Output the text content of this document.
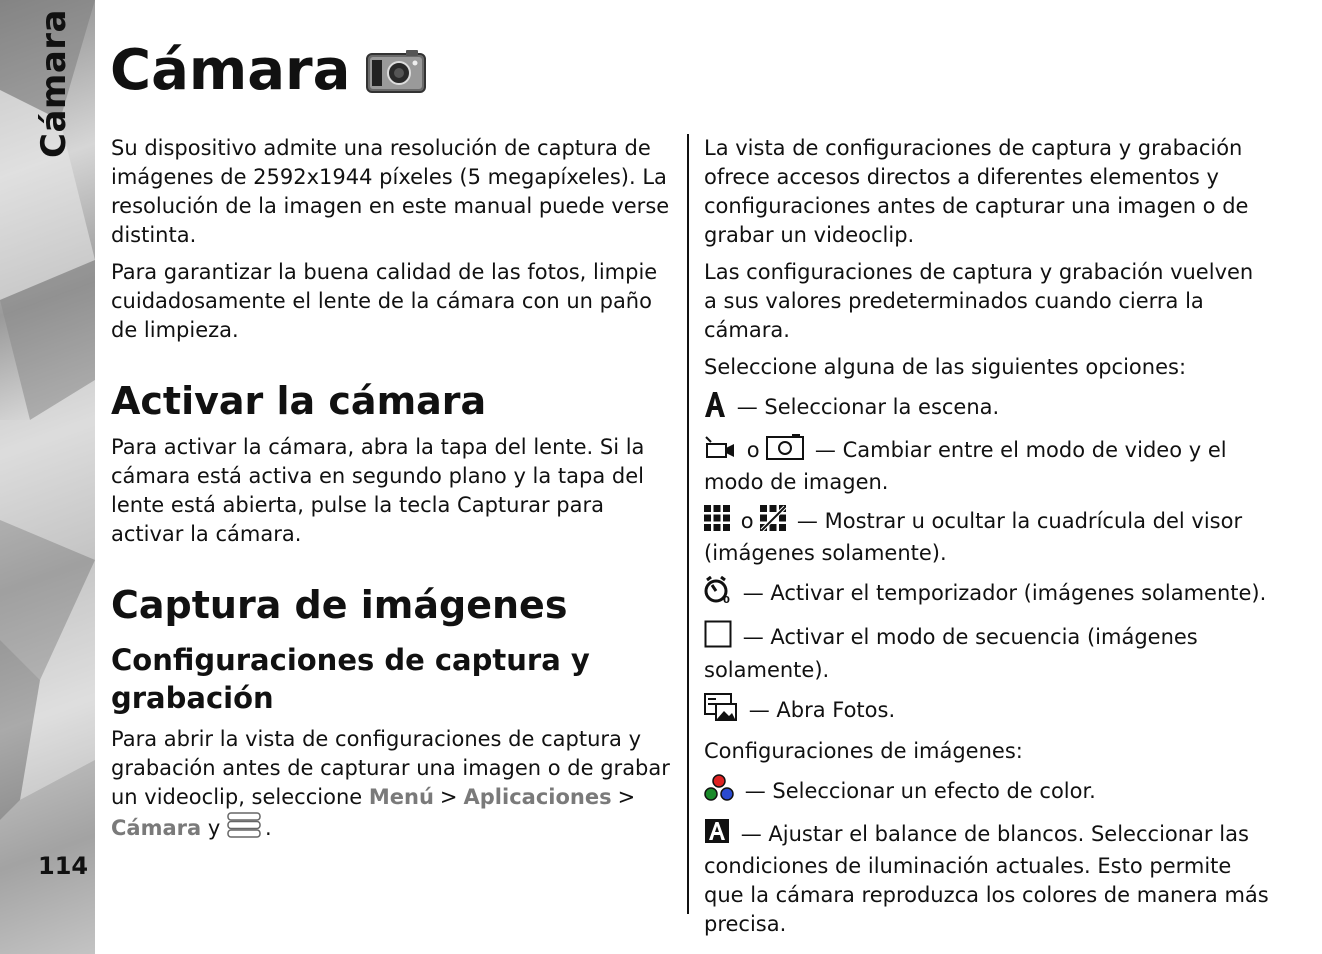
Cámara
114
Cámara

Su dispositivo admite una resolución de captura de imágenes de 2592x1944 píxeles (5 megapíxeles). La resolución de la imagen en este manual puede verse distinta.

Para garantizar la buena calidad de las fotos, limpie cuidadosamente el lente de la cámara con un paño de limpieza.

Activar la cámara

Para activar la cámara, abra la tapa del lente. Si la cámara está activa en segundo plano y la tapa del lente está abierta, pulse la tecla Capturar para activar la cámara.

Captura de imágenes
Configuraciones de captura y grabación

Para abrir la vista de configuraciones de captura y grabación antes de capturar una imagen o de grabar un videoclip, seleccione Menú > Aplicaciones > Cámara y .

La vista de configuraciones de captura y grabación ofrece accesos directos a diferentes elementos y configuraciones antes de capturar una imagen o de grabar un videoclip.

Las configuraciones de captura y grabación vuelven a sus valores predeterminados cuando cierra la cámara.

Seleccione alguna de las siguientes opciones:

— Seleccionar la escena.

o	— Cambiar entre el modo de video y el modo de imagen.

o — Mostrar u ocultar la cuadrícula del visor (imágenes solamente).

0 — Activar el temporizador (imágenes solamente).

— Activar el modo de secuencia (imágenes solamente).

— Abra Fotos.

Configuraciones de imágenes:

— Seleccionar un efecto de color.

— Ajustar el balance de blancos. Seleccionar las condiciones de iluminación actuales. Esto permite que la cámara reproduzca los colores de manera más precisa.
